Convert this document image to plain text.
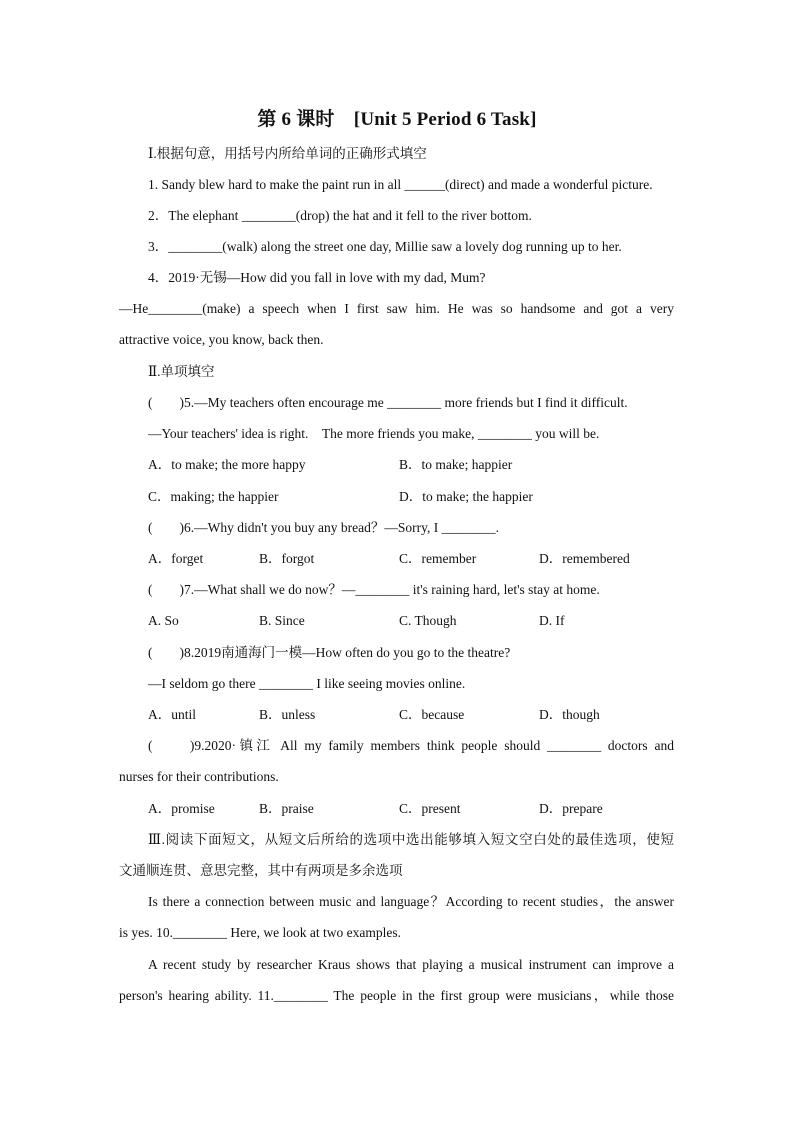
第 6 课时　[Unit 5 Period 6 Task]
Ⅰ.根据句意，用括号内所给单词的正确形式填空
1. Sandy blew hard to make the paint run in all ______(direct) and made a wonderful picture.
2．The elephant ________(drop) the hat and it fell to the river bottom.
3．________(walk) along the street one day, Millie saw a lovely dog running up to her.
4．2019·无锡—How did you fall in love with my dad, Mum?
—He________(make) a speech when I first saw him. He was so handsome and got a very
attractive voice, you know, back then.
Ⅱ.单项填空
(　　)5.—My teachers often encourage me ________ more friends but I find it difficult.
—Your teachers' idea is right.　The more friends you make, ________ you will be.
A．to make; the more happy	B．to make; happier
C．making; the happier	D．to make; the happier
(　　)6.—Why didn't you buy any bread？—Sorry, I ________.
A．forget	B．forgot	C．remember	D．remembered
(　　)7.—What shall we do now？—________ it's raining hard, let's stay at home.
A. So	B. Since	C. Though	D. If
(　　)8.2019南通海门一模—How often do you go to the theatre?
—I seldom go there ________ I like seeing movies online.
A．until	B．unless	C．because	D．though
(　　)9.2020·镇江 All my family members think people should ________ doctors and
nurses for their contributions.
A．promise	B．praise	C．present	D．prepare
Ⅲ.阅读下面短文，从短文后所给的选项中选出能够填入短文空白处的最佳选项，使短
文通顺连贯、意思完整，其中有两项是多余选项
Is there a connection between music and language？According to recent studies，the answer
is yes. 10.________ Here, we look at two examples.
A recent study by researcher Kraus shows that playing a musical instrument can improve a
person's hearing ability. 11.________ The people in the first group were musicians，while those
